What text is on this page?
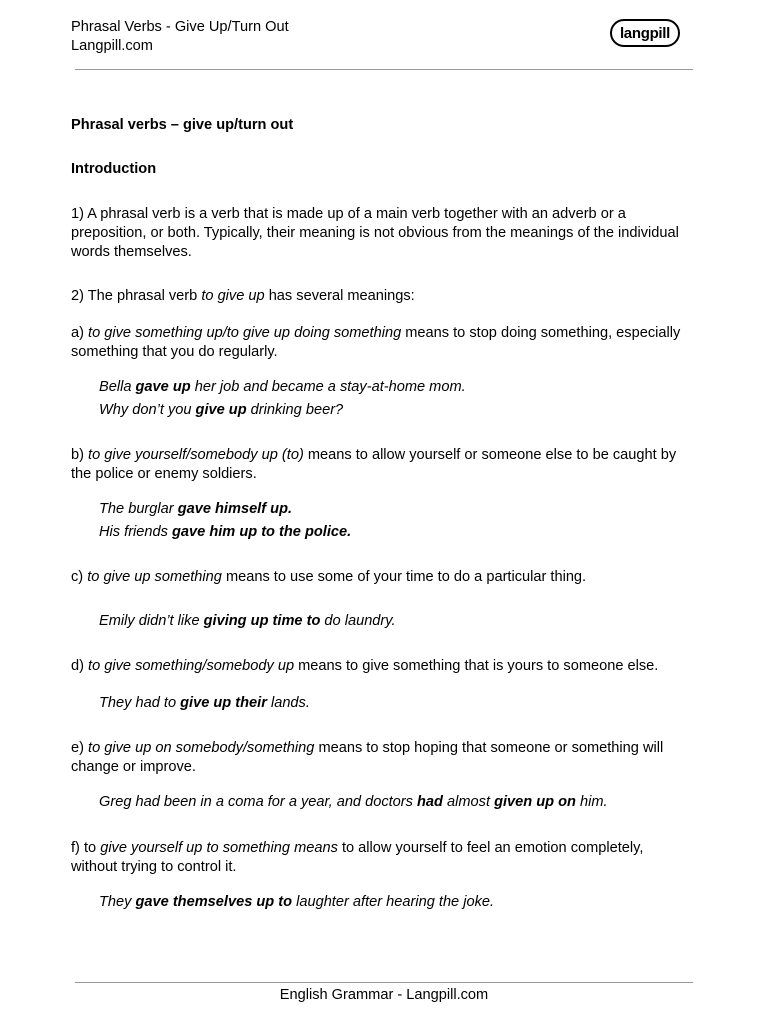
Phrasal Verbs - Give Up/Turn Out
Langpill.com
langpill
Phrasal verbs – give up/turn out
Introduction
1) A phrasal verb is a verb that is made up of a main verb together with an adverb or a preposition, or both. Typically, their meaning is not obvious from the meanings of the individual words themselves.
2) The phrasal verb to give up has several meanings:
a) to give something up/to give up doing something means to stop doing something, especially something that you do regularly.
Bella gave up her job and became a stay-at-home mom.
Why don’t you give up drinking beer?
b) to give yourself/somebody up (to) means to allow yourself or someone else to be caught by the police or enemy soldiers.
The burglar gave himself up.
His friends gave him up to the police.
c) to give up something means to use some of your time to do a particular thing.
Emily didn’t like giving up time to do laundry.
d) to give something/somebody up means to give something that is yours to someone else.
They had to give up their lands.
e) to give up on somebody/something means to stop hoping that someone or something will change or improve.
Greg had been in a coma for a year, and doctors had almost given up on him.
f) to give yourself up to something means to allow yourself to feel an emotion completely, without trying to control it.
They gave themselves up to laughter after hearing the joke.
English Grammar - Langpill.com
